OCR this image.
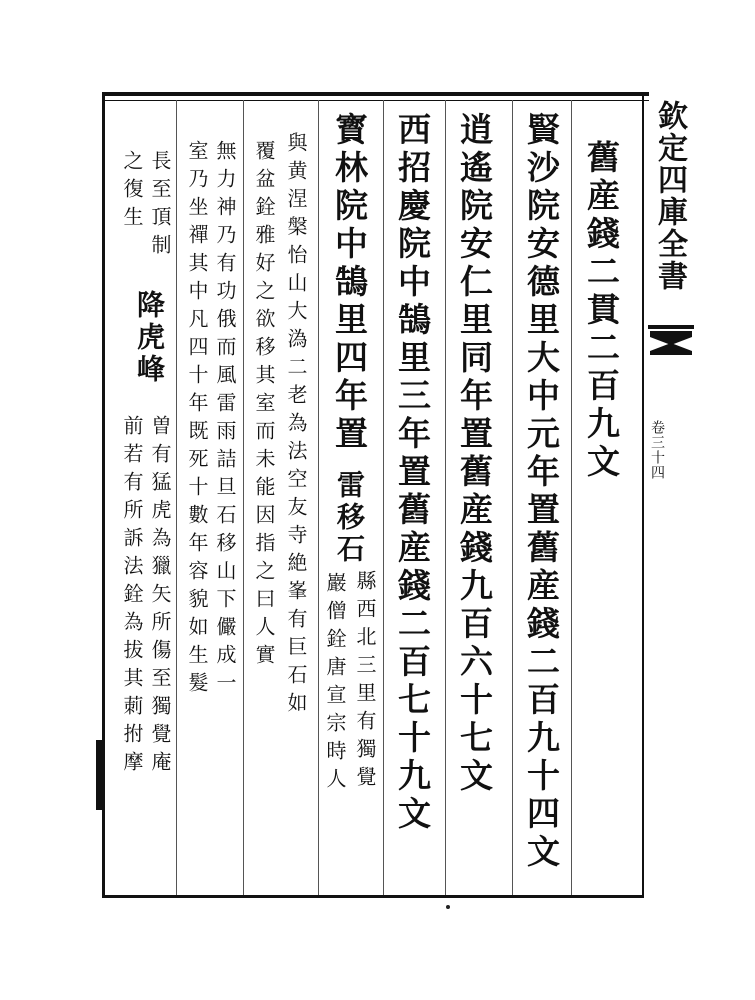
欽定四庫全書
卷三十四
舊産錢二貫二百九文
賢沙院安德里大中元年置舊産錢二百九十四文
逍遙院安仁里同年置舊産錢九百六十七文
西招慶院中鵠里三年置舊産錢二百七十九文
寳林院中鵠里四年置
雷移石
縣西北三里有獨覺
巖僧銓唐宣宗時人
與黄涅槃怡山大溈二老為法空友寺絶峯有巨石如
覆盆銓雅好之欲移其室而未能因指之曰人實
無力神乃有功俄而風雷雨詰旦石移山下儼成一
室乃坐禪其中凡四十年既死十數年容貌如生髮
長至頂制
之復生
降虎峰
曽有猛虎為獵矢所傷至獨覺庵
前若有所訴法銓為拔其莿拊摩
